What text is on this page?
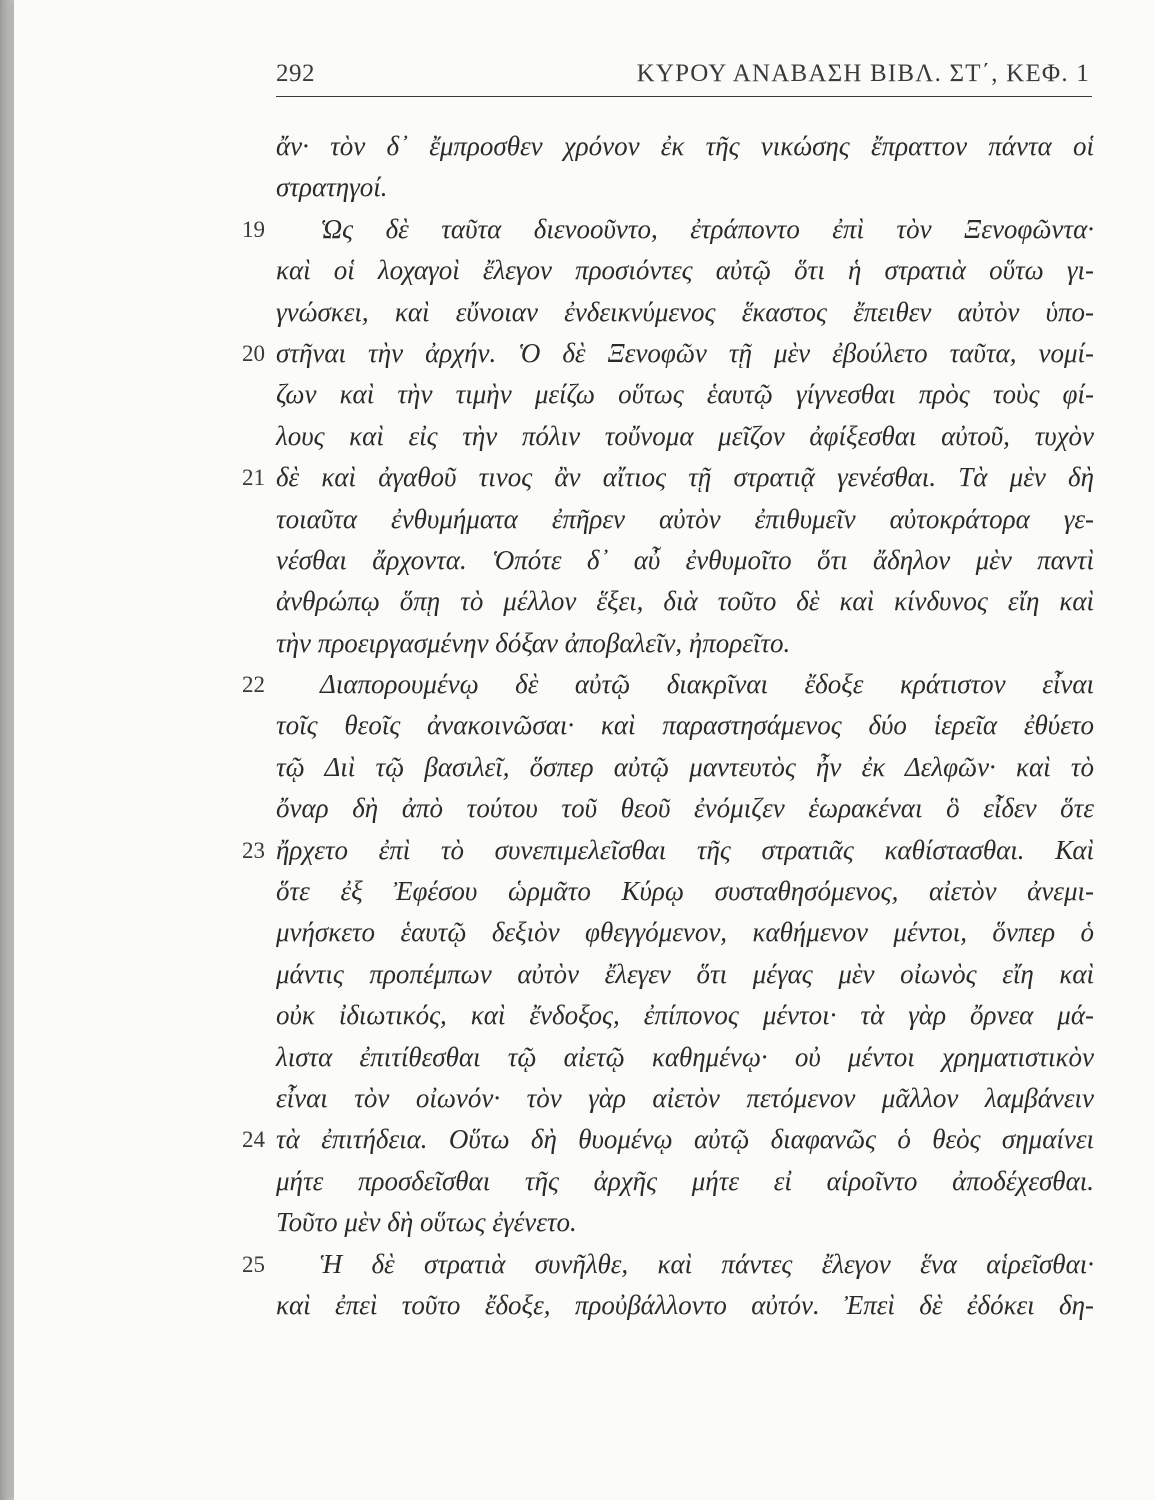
292	ΚΥΡΟΥ ΑΝΑΒΑΣΗ ΒΙΒΛ. ΣΤ΄, ΚΕΦ. 1
ἄν· τὸν δ᾽ ἔμπροσθεν χρόνον ἐκ τῆς νικώσης ἔπραττον πάντα οἱ
στρατηγοί.
19 Ὡς δὲ ταῦτα διενοοῦντο, ἐτράποντο ἐπὶ τὸν Ξενοφῶντα·
καὶ οἱ λοχαγοὶ ἔλεγον προσιόντες αὐτῷ ὅτι ἡ στρατιὰ οὕτω γι-
γνώσκει, καὶ εὔνοιαν ἐνδεικνύμενος ἕκαστος ἔπειθεν αὐτὸν ὑπο-
20 στῆναι τὴν ἀρχήν. Ὁ δὲ Ξενοφῶν τῇ μὲν ἐβούλετο ταῦτα, νομί-
ζων καὶ τὴν τιμὴν μείζω οὕτως ἑαυτῷ γίγνεσθαι πρὸς τοὺς φί-
λους καὶ εἰς τὴν πόλιν τοὔνομα μεῖζον ἀφίξεσθαι αὐτοῦ, τυχὸν
21 δὲ καὶ ἀγαθοῦ τινος ἂν αἴτιος τῇ στρατιᾷ γενέσθαι. Τὰ μὲν δὴ
τοιαῦτα ἐνθυμήματα ἐπῆρεν αὐτὸν ἐπιθυμεῖν αὐτοκράτορα γε-
νέσθαι ἄρχοντα. Ὁπότε δ᾽ αὖ ἐνθυμοῖτο ὅτι ἄδηλον μὲν παντὶ
ἀνθρώπῳ ὅπῃ τὸ μέλλον ἕξει, διὰ τοῦτο δὲ καὶ κίνδυνος εἴη καὶ
τὴν προειργασμένην δόξαν ἀποβαλεῖν, ἠπορεῖτο.
22 Διαπορουμένῳ δὲ αὐτῷ διακρῖναι ἔδοξε κράτιστον εἶναι
τοῖς θεοῖς ἀνακοινῶσαι· καὶ παραστησάμενος δύο ἱερεῖα ἐθύετο
τῷ Διὶ τῷ βασιλεῖ, ὅσπερ αὐτῷ μαντευτὸς ἦν ἐκ Δελφῶν· καὶ τὸ
ὄναρ δὴ ἀπὸ τούτου τοῦ θεοῦ ἐνόμιζεν ἑωρακέναι ὃ εἶδεν ὅτε
23 ἤρχετο ἐπὶ τὸ συνεπιμελεῖσθαι τῆς στρατιᾶς καθίστασθαι. Καὶ
ὅτε ἐξ Ἐφέσου ὡρμᾶτο Κύρῳ συσταθησόμενος, αἰετὸν ἀνεμι-
μνήσκετο ἑαυτῷ δεξιὸν φθεγγόμενον, καθήμενον μέντοι, ὅνπερ ὁ
μάντις προπέμπων αὐτὸν ἔλεγεν ὅτι μέγας μὲν οἰωνὸς εἴη καὶ
οὐκ ἰδιωτικός, καὶ ἔνδοξος, ἐπίπονος μέντοι· τὰ γὰρ ὄρνεα μά-
λιστα ἐπιτίθεσθαι τῷ αἰετῷ καθημένῳ· οὐ μέντοι χρηματιστικὸν
εἶναι τὸν οἰωνόν· τὸν γὰρ αἰετὸν πετόμενον μᾶλλον λαμβάνειν
24 τὰ ἐπιτήδεια. Οὕτω δὴ θυομένῳ αὐτῷ διαφανῶς ὁ θεὸς σημαίνει
μήτε προσδεῖσθαι τῆς ἀρχῆς μήτε εἰ αἱροῖντο ἀποδέχεσθαι.
Τοῦτο μὲν δὴ οὕτως ἐγένετο.
25 Ἡ δὲ στρατιὰ συνῆλθε, καὶ πάντες ἔλεγον ἕνα αἱρεῖσθαι·
καὶ ἐπεὶ τοῦτο ἔδοξε, προὐβάλλοντο αὐτόν. Ἐπεὶ δὲ ἐδόκει δη-
